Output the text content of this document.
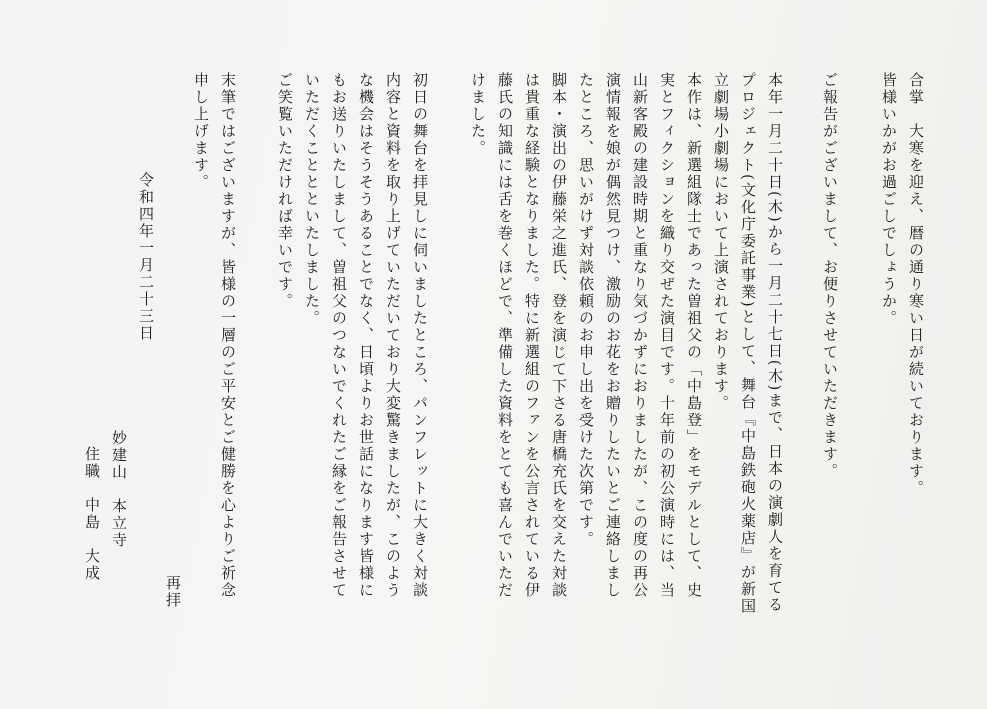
合掌　大寒を迎え、暦の通り寒い日が続いております。
皆様いかがお過ごしでしょうか。
ご報告がございまして、お便りさせていただきます。
本年一月二十日(木)から一月二十七日(木)まで、日本の演劇人を育てる
プロジェクト(文化庁委託事業)として、舞台『中島鉄砲火薬店』が新国
立劇場小劇場において上演されております。
本作は、新選組隊士であった曽祖父の「中島登」をモデルとして、史
実とフィクションを織り交ぜた演目です。十年前の初公演時には、当
山新客殿の建設時期と重なり気づかずにおりましたが、この度の再公
演情報を娘が偶然見つけ、激励のお花をお贈りしたいとご連絡しまし
たところ、思いがけず対談依頼のお申し出を受けた次第です。
脚本・演出の伊藤栄之進氏、登を演じて下さる唐橋充氏を交えた対談
は貴重な経験となりました。特に新選組のファンを公言されている伊
藤氏の知識には舌を巻くほどで、準備した資料をとても喜んでいただ
けました。
初日の舞台を拝見しに伺いましたところ、パンフレットに大きく対談
内容と資料を取り上げていただいており大変驚きましたが、このよう
な機会はそうそうあることでなく、日頃よりお世話になります皆様に
もお送りいたしまして、曽祖父のつないでくれたご縁をご報告させて
いただくこととといたしました。
ご笑覧いただければ幸いです。
末筆ではございますが、皆様の一層のご平安とご健勝を心よりご祈念
申し上げます。
再拝
令和四年一月二十三日
妙建山　本立寺
住職　中島　大成
